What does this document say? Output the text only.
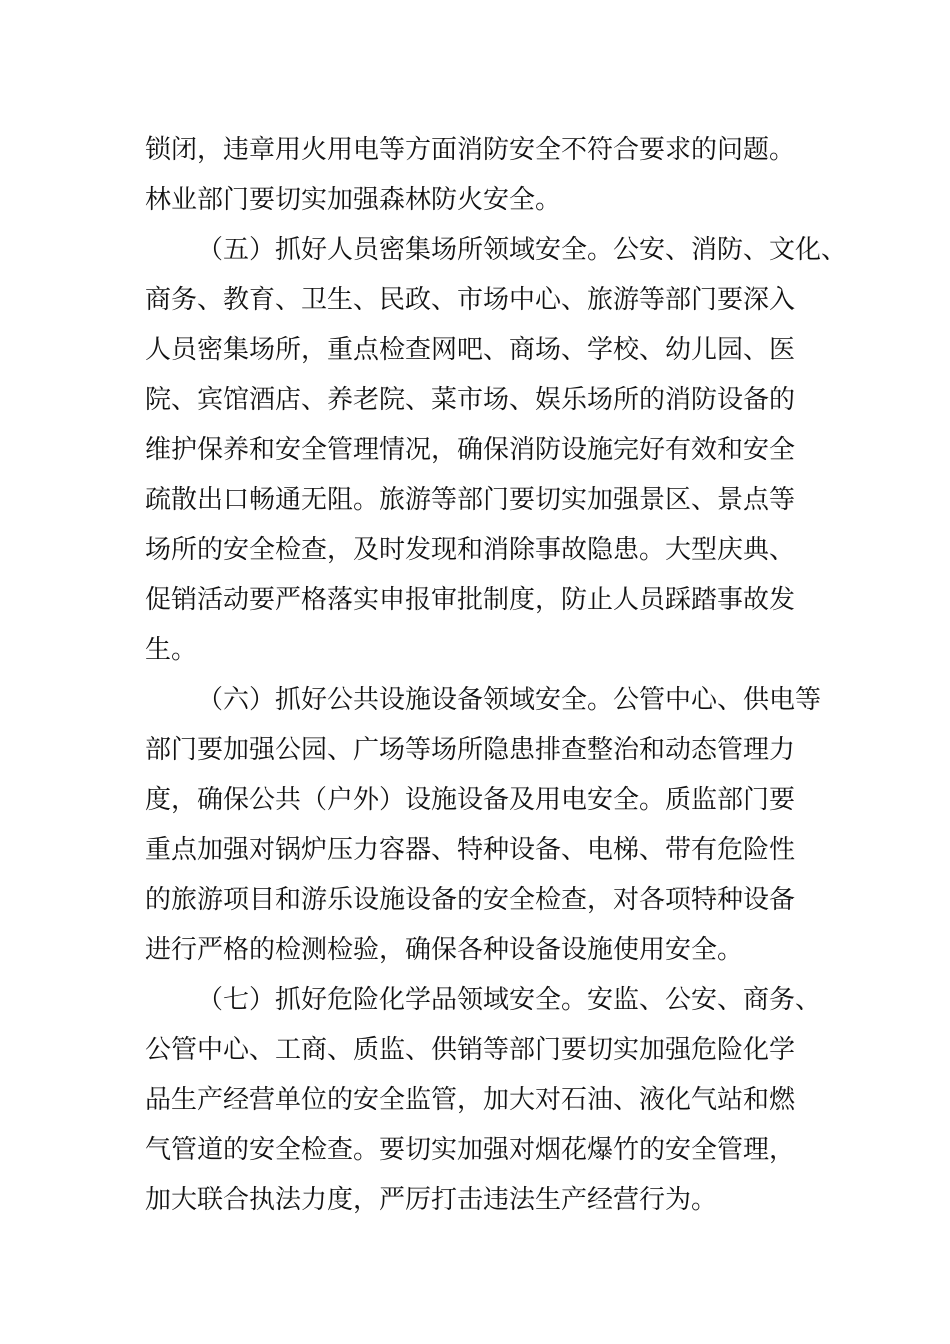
锁闭，违章用火用电等方面消防安全不符合要求的问题。
林业部门要切实加强森林防火安全。
（五）抓好人员密集场所领域安全。公安、消防、文化、
商务、教育、卫生、民政、市场中心、旅游等部门要深入
人员密集场所，重点检查网吧、商场、学校、幼儿园、医
院、宾馆酒店、养老院、菜市场、娱乐场所的消防设备的
维护保养和安全管理情况，确保消防设施完好有效和安全
疏散出口畅通无阻。旅游等部门要切实加强景区、景点等
场所的安全检查，及时发现和消除事故隐患。大型庆典、
促销活动要严格落实申报审批制度，防止人员踩踏事故发
生。
（六）抓好公共设施设备领域安全。公管中心、供电等
部门要加强公园、广场等场所隐患排查整治和动态管理力
度，确保公共（户外）设施设备及用电安全。质监部门要
重点加强对锅炉压力容器、特种设备、电梯、带有危险性
的旅游项目和游乐设施设备的安全检查，对各项特种设备
进行严格的检测检验，确保各种设备设施使用安全。
（七）抓好危险化学品领域安全。安监、公安、商务、
公管中心、工商、质监、供销等部门要切实加强危险化学
品生产经营单位的安全监管，加大对石油、液化气站和燃
气管道的安全检查。要切实加强对烟花爆竹的安全管理，
加大联合执法力度，严厉打击违法生产经营行为。
